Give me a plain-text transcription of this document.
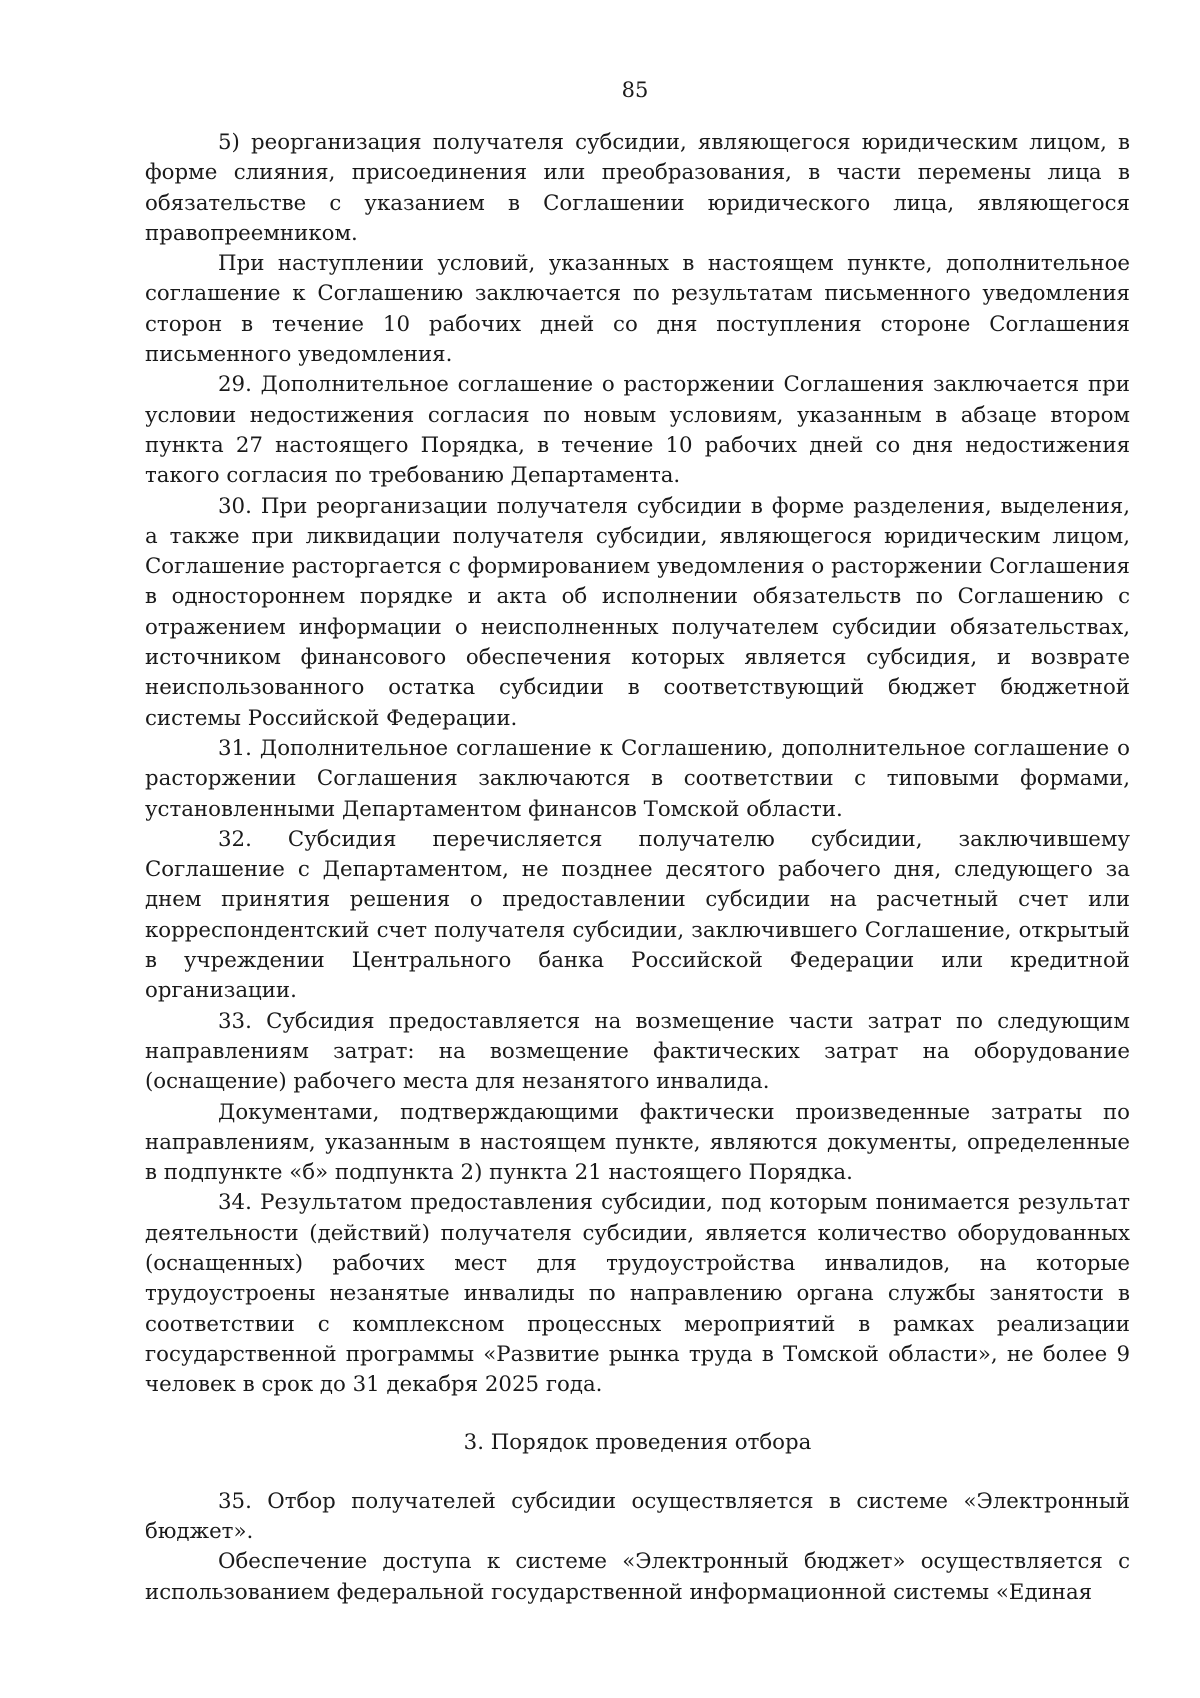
85

5) реорганизация получателя субсидии, являющегося юридическим лицом, в форме слияния, присоединения или преобразования, в части перемены лица в обязательстве с указанием в Соглашении юридического лица, являющегося правопреемником.

При наступлении условий, указанных в настоящем пункте, дополнительное соглашение к Соглашению заключается по результатам письменного уведомления сторон в течение 10 рабочих дней со дня поступления стороне Соглашения письменного уведомления.

29. Дополнительное соглашение о расторжении Соглашения заключается при условии недостижения согласия по новым условиям, указанным в абзаце втором пункта 27 настоящего Порядка, в течение 10 рабочих дней со дня недостижения такого согласия по требованию Департамента.

30. При реорганизации получателя субсидии в форме разделения, выделения, а также при ликвидации получателя субсидии, являющегося юридическим лицом, Соглашение расторгается с формированием уведомления о расторжении Соглашения в одностороннем порядке и акта об исполнении обязательств по Соглашению с отражением информации о неисполненных получателем субсидии обязательствах, источником финансового обеспечения которых является субсидия, и возврате неиспользованного остатка субсидии в соответствующий бюджет бюджетной системы Российской Федерации.

31. Дополнительное соглашение к Соглашению, дополнительное соглашение о расторжении Соглашения заключаются в соответствии с типовыми формами, установленными Департаментом финансов Томской области.

32. Субсидия перечисляется получателю субсидии, заключившему Соглашение с Департаментом, не позднее десятого рабочего дня, следующего за днем принятия решения о предоставлении субсидии на расчетный счет или корреспондентский счет получателя субсидии, заключившего Соглашение, открытый в учреждении Центрального банка Российской Федерации или кредитной организации.

33. Субсидия предоставляется на возмещение части затрат по следующим направлениям затрат: на возмещение фактических затрат на оборудование (оснащение) рабочего места для незанятого инвалида.

Документами, подтверждающими фактически произведенные затраты по направлениям, указанным в настоящем пункте, являются документы, определенные в подпункте «б» подпункта 2) пункта 21 настоящего Порядка.

34. Результатом предоставления субсидии, под которым понимается результат деятельности (действий) получателя субсидии, является количество оборудованных (оснащенных) рабочих мест для трудоустройства инвалидов, на которые трудоустроены незанятые инвалиды по направлению органа службы занятости в соответствии с комплексном процессных мероприятий в рамках реализации государственной программы «Развитие рынка труда в Томской области», не более 9 человек в срок до 31 декабря 2025 года.

3. Порядок проведения отбора

35. Отбор получателей субсидии осуществляется в системе «Электронный бюджет».

Обеспечение доступа к системе «Электронный бюджет» осуществляется с использованием федеральной государственной информационной системы «Единая
